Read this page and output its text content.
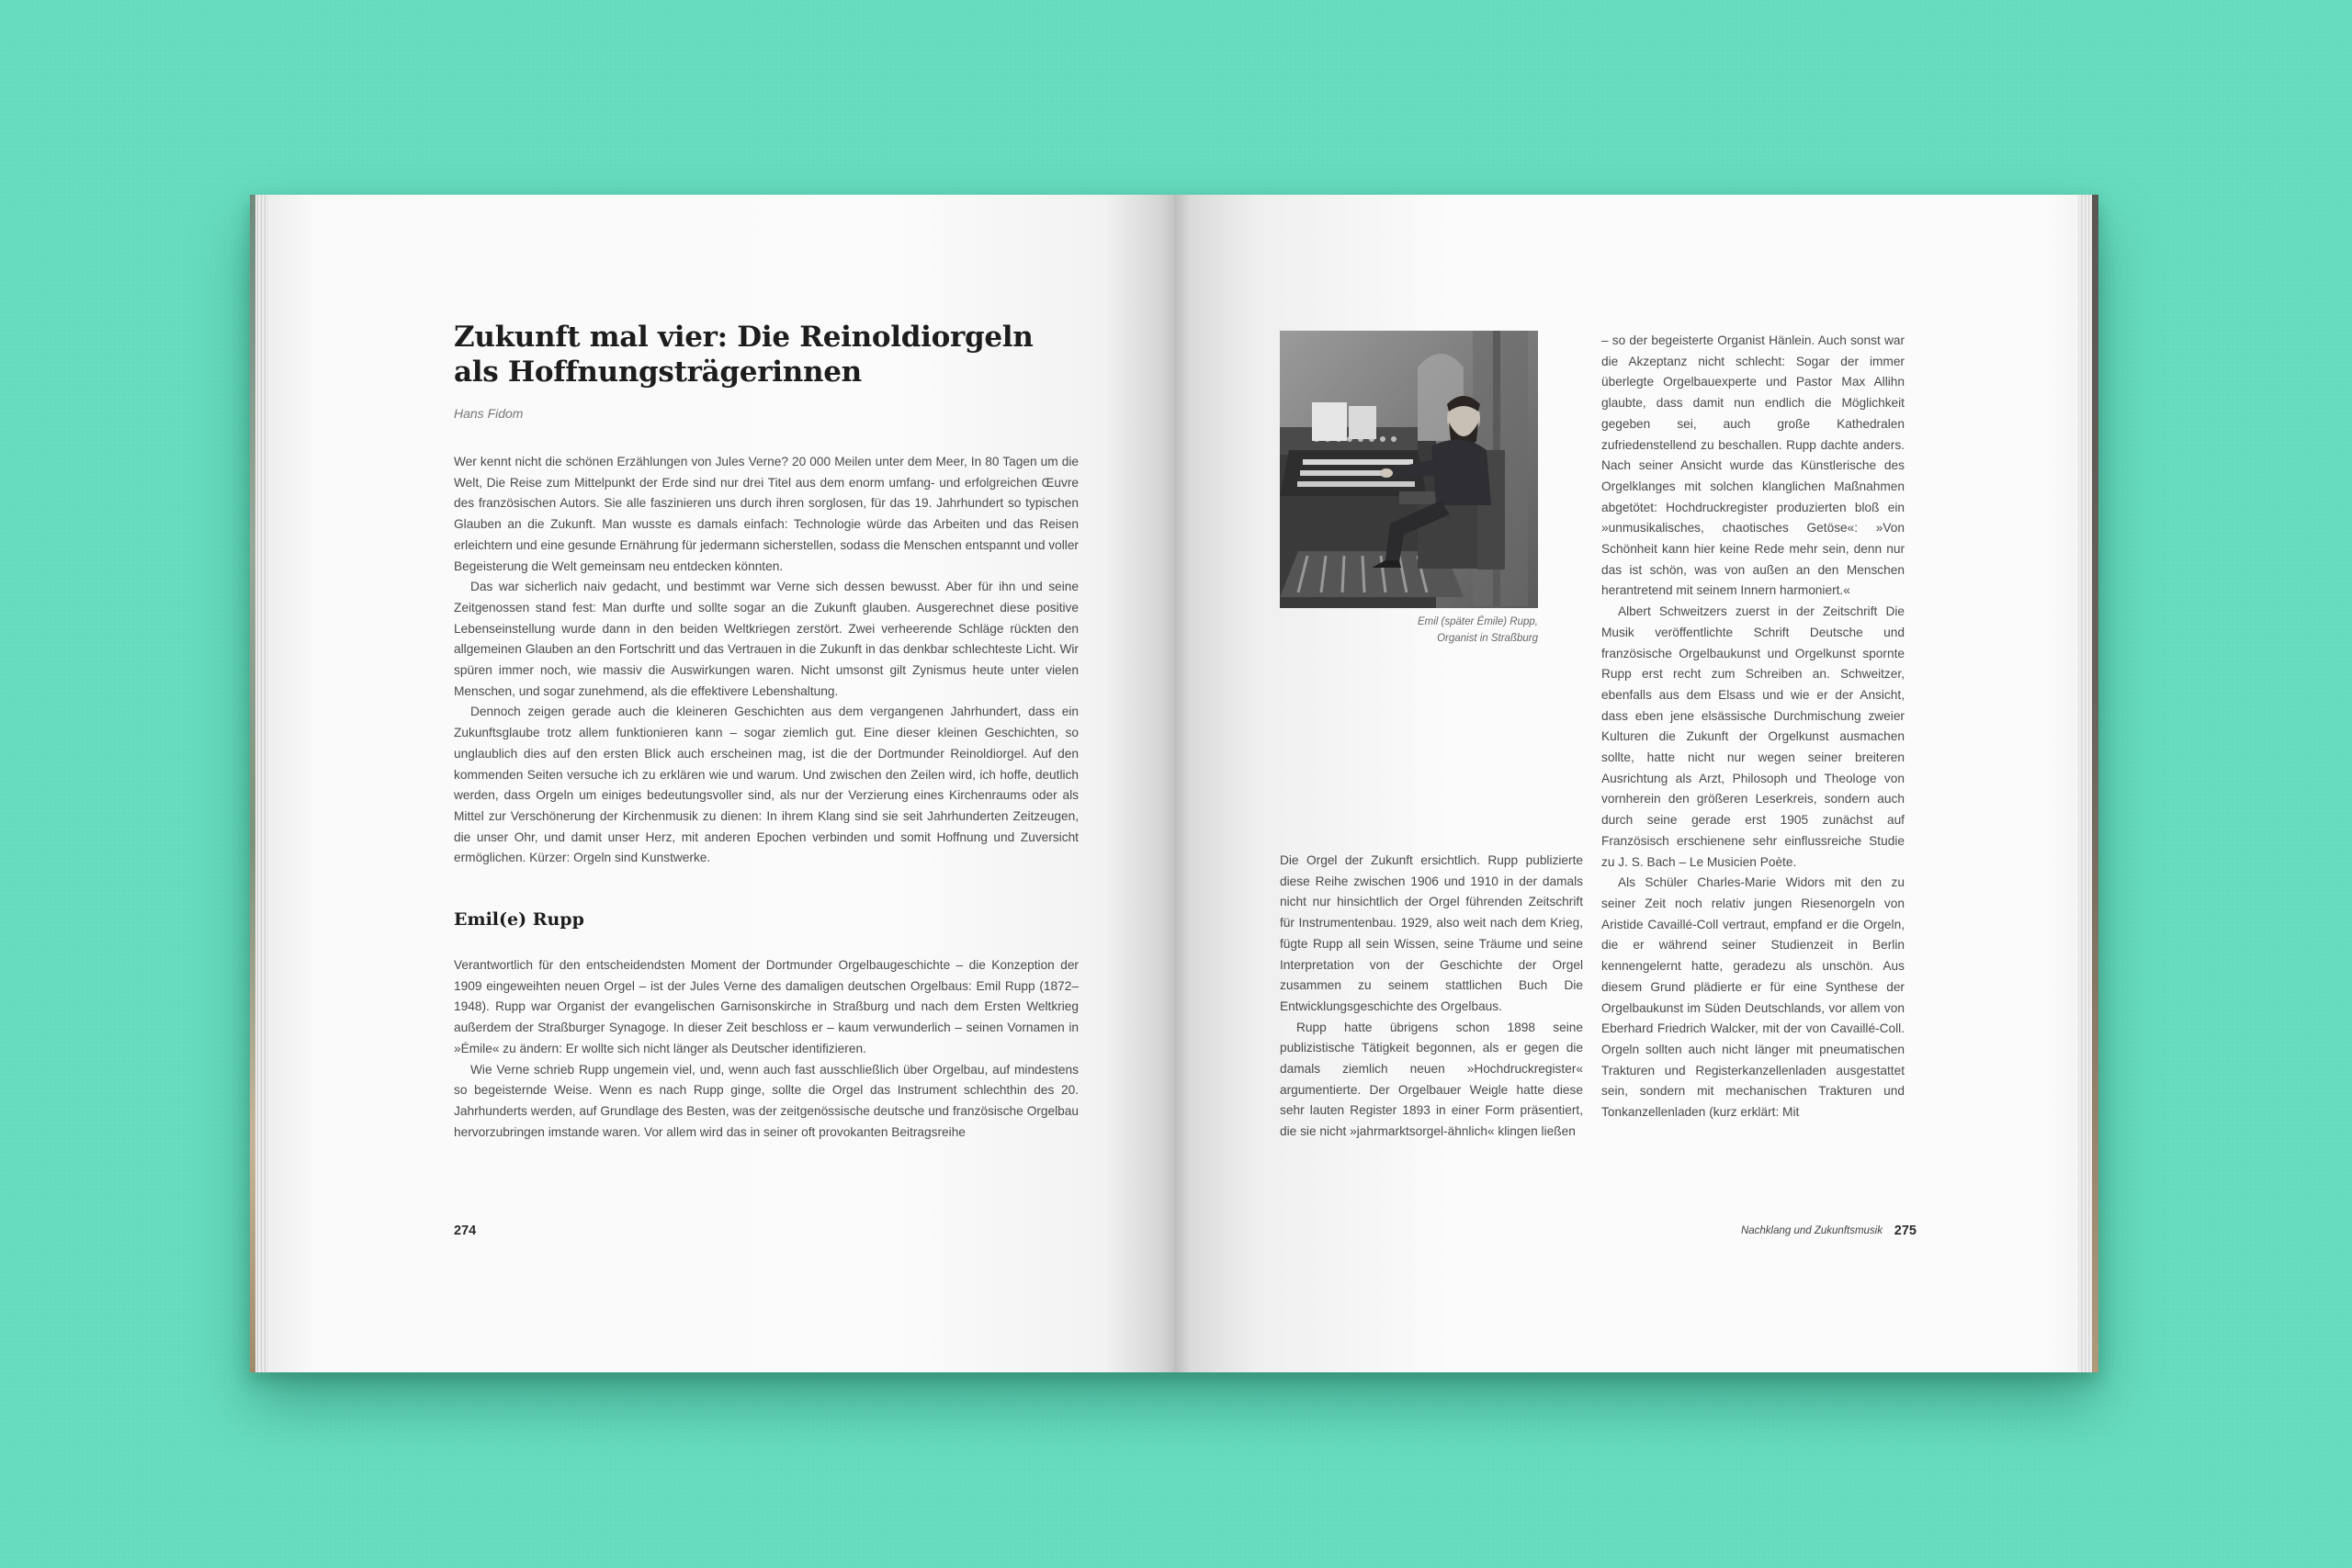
Zukunft mal vier: Die Reinoldiorgeln
als Hoffnungsträgerinnen
Hans Fidom

Wer kennt nicht die schönen Erzählungen von Jules Verne? 20 000 Meilen unter dem Meer, In 80 Tagen um die Welt, Die Reise zum Mittelpunkt der Erde sind nur drei Titel aus dem enorm umfang- und erfolgreichen Œuvre des französischen Autors. Sie alle faszinieren uns durch ihren sorglosen, für das 19. Jahrhundert so typischen Glauben an die Zukunft. Man wusste es damals einfach: Technologie würde das Arbeiten und das Reisen erleichtern und eine gesunde Ernährung für jedermann sicherstellen, sodass die Menschen entspannt und voller Begeisterung die Welt gemeinsam neu entdecken könnten.

Das war sicherlich naiv gedacht, und bestimmt war Verne sich dessen bewusst. Aber für ihn und seine Zeitgenossen stand fest: Man durfte und sollte sogar an die Zukunft glauben. Ausgerechnet diese positive Lebenseinstellung wurde dann in den beiden Weltkriegen zerstört. Zwei verheerende Schläge rückten den allgemeinen Glauben an den Fortschritt und das Vertrauen in die Zukunft in das denkbar schlechteste Licht. Wir spüren immer noch, wie massiv die Auswirkungen waren. Nicht umsonst gilt Zynismus heute unter vielen Menschen, und sogar zunehmend, als die effektivere Lebenshaltung.

Dennoch zeigen gerade auch die kleineren Geschichten aus dem vergangenen Jahrhundert, dass ein Zukunftsglaube trotz allem funktionieren kann – sogar ziemlich gut. Eine dieser kleinen Geschichten, so unglaublich dies auf den ersten Blick auch erscheinen mag, ist die der Dortmunder Reinoldiorgel. Auf den kommenden Seiten versuche ich zu erklären wie und warum. Und zwischen den Zeilen wird, ich hoffe, deutlich werden, dass Orgeln um einiges bedeutungsvoller sind, als nur der Verzierung eines Kirchenraums oder als Mittel zur Verschönerung der Kirchenmusik zu dienen: In ihrem Klang sind sie seit Jahrhunderten Zeitzeugen, die unser Ohr, und damit unser Herz, mit anderen Epochen verbinden und somit Hoffnung und Zuversicht ermöglichen. Kürzer: Orgeln sind Kunstwerke.

Emil(e) Rupp

Verantwortlich für den entscheidendsten Moment der Dortmunder Orgelbaugeschichte – die Konzeption der 1909 eingeweihten neuen Orgel – ist der Jules Verne des damaligen deutschen Orgelbaus: Emil Rupp (1872–1948). Rupp war Organist der evangelischen Garnisonskirche in Straßburg und nach dem Ersten Weltkrieg außerdem der Straßburger Synagoge. In dieser Zeit beschloss er – kaum verwunderlich – seinen Vornamen in »Émile« zu ändern: Er wollte sich nicht länger als Deutscher identifizieren.

Wie Verne schrieb Rupp ungemein viel, und, wenn auch fast ausschließlich über Orgelbau, auf mindestens so begeisternde Weise. Wenn es nach Rupp ginge, sollte die Orgel das Instrument schlechthin des 20. Jahrhunderts werden, auf Grundlage des Besten, was der zeitgenössische deutsche und französische Orgelbau hervorzubringen imstande waren. Vor allem wird das in seiner oft provokanten Beitragsreihe

274
Emil (später Émile) Rupp,
Organist in Straßburg

Die Orgel der Zukunft ersichtlich. Rupp publizierte diese Reihe zwischen 1906 und 1910 in der damals nicht nur hinsichtlich der Orgel führenden Zeitschrift für Instrumentenbau. 1929, also weit nach dem Krieg, fügte Rupp all sein Wissen, seine Träume und seine Interpretation von der Geschichte der Orgel zusammen zu seinem stattlichen Buch Die Entwicklungsgeschichte des Orgelbaus.

Rupp hatte übrigens schon 1898 seine publizistische Tätigkeit begonnen, als er gegen die damals ziemlich neuen »Hochdruckregister« argumentierte. Der Orgelbauer Weigle hatte diese sehr lauten Register 1893 in einer Form präsentiert, die sie nicht »jahrmarktsorgel-ähnlich« klingen ließen

– so der begeisterte Organist Hänlein. Auch sonst war die Akzeptanz nicht schlecht: Sogar der immer überlegte Orgelbauexperte und Pastor Max Allihn glaubte, dass damit nun endlich die Möglichkeit gegeben sei, auch große Kathedralen zufriedenstellend zu beschallen. Rupp dachte anders. Nach seiner Ansicht wurde das Künstlerische des Orgelklanges mit solchen klanglichen Maßnahmen abgetötet: Hochdruckregister produzierten bloß ein »unmusikalisches, chaotisches Getöse«: »Von Schönheit kann hier keine Rede mehr sein, denn nur das ist schön, was von außen an den Menschen herantretend mit seinem Innern harmoniert.«

Albert Schweitzers zuerst in der Zeitschrift Die Musik veröffentlichte Schrift Deutsche und französische Orgelbaukunst und Orgelkunst spornte Rupp erst recht zum Schreiben an. Schweitzer, ebenfalls aus dem Elsass und wie er der Ansicht, dass eben jene elsässische Durchmischung zweier Kulturen die Zukunft der Orgelkunst ausmachen sollte, hatte nicht nur wegen seiner breiteren Ausrichtung als Arzt, Philosoph und Theologe von vornherein den größeren Leserkreis, sondern auch durch seine gerade erst 1905 zunächst auf Französisch erschienene sehr einflussreiche Studie zu J. S. Bach – Le Musicien Poète.

Als Schüler Charles-Marie Widors mit den zu seiner Zeit noch relativ jungen Riesenorgeln von Aristide Cavaillé-Coll vertraut, empfand er die Orgeln, die er während seiner Studienzeit in Berlin kennengelernt hatte, geradezu als unschön. Aus diesem Grund plädierte er für eine Synthese der Orgelbaukunst im Süden Deutschlands, vor allem von Eberhard Friedrich Walcker, mit der von Cavaillé-Coll. Orgeln sollten auch nicht länger mit pneumatischen Trakturen und Registerkanzellenladen ausgestattet sein, sondern mit mechanischen Trakturen und Tonkanzellenladen (kurz erklärt: Mit

Nachklang und Zukunftsmusik 275
